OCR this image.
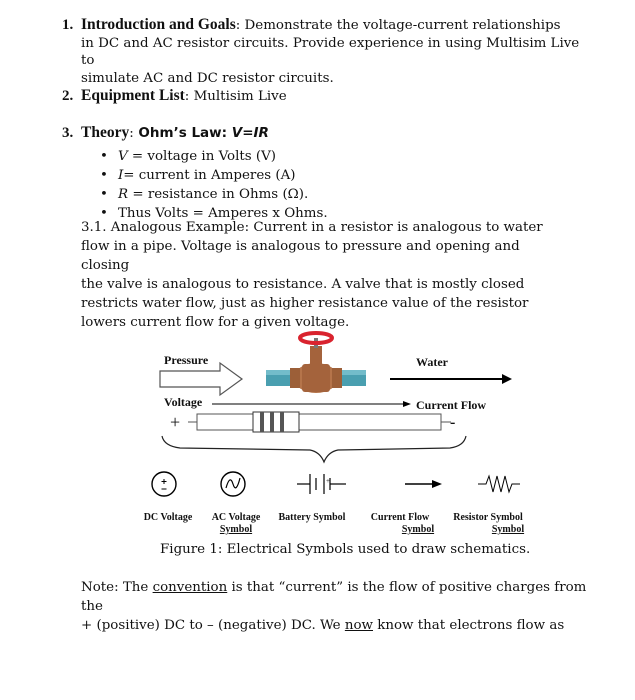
1. Introduction and Goals: Demonstrate the voltage-current relationships
in DC and AC resistor circuits. Provide experience in using Multisim Live to
simulate AC and DC resistor circuits.
2. Equipment List: Multisim Live
3. Theory: Ohm’s Law: V=IR
• V = voltage in Volts (V)
• I= current in Amperes (A)
• R = resistance in Ohms (Ω).
• Thus Volts = Amperes x Ohms.
3.1. Analogous Example: Current in a resistor is analogous to water
flow in a pipe. Voltage is analogous to pressure and opening and closing
the valve is analogous to resistance. A valve that is mostly closed
restricts water flow, just as higher resistance value of the resistor
lowers current flow for a given voltage.
Pressure	Water
Voltage	Current Flow
+	-
+
DC Voltage	AC Voltage
Symbol
Battery Symbol	Current Flow
Symbol
Resistor Symbol
Symbol
Figure 1: Electrical Symbols used to draw schematics.
Note: The convention is that “current” is the flow of positive charges from the
+ (positive) DC to – (negative) DC. We now know that electrons flow as
